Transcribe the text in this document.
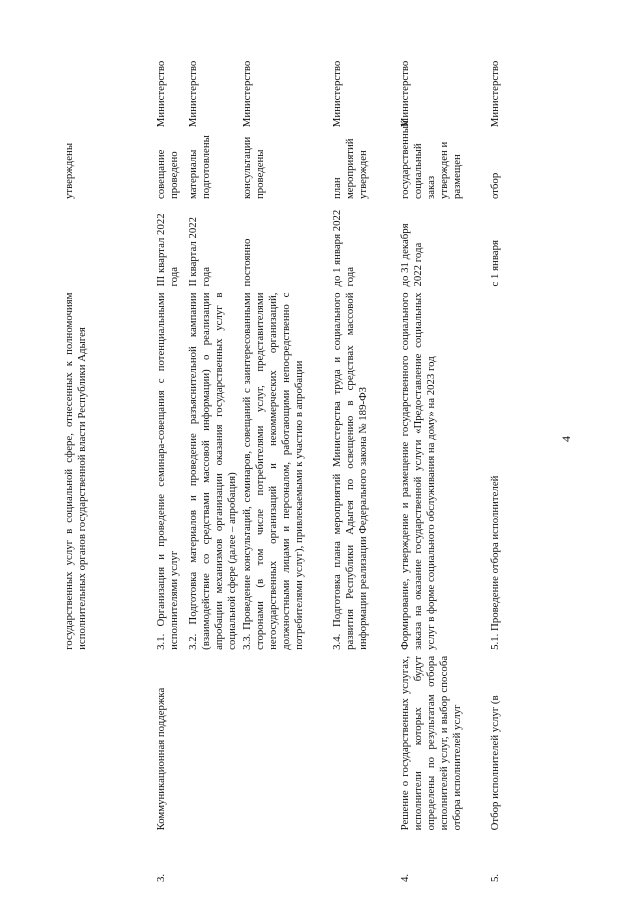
4
		государственных услуг в социальной сфере, отнесенных к полномочиям исполнительных органов государственной власти Республики Адыгея		утверждены	
3.	Коммуникационная поддержка	3.1. Организация и проведение семинара-совещания с потенциальными исполнителями услуг	III квартал 2022 года	совещание проведено	Министерство
		3.2. Подготовка материалов и проведение разъяснительной кампании (взаимодействие со средствами массовой информации) о реализации апробации механизмов организации оказания государственных услуг в социальной сфере (далее – апробация)	II квартал 2022 года	материалы подготовлены	Министерство
		3.3. Проведение консультаций, семинаров, совещаний с заинтересованными сторонами (в том числе потребителями услуг, представителями негосударственных организаций и некоммерческих организаций, должностными лицами и персоналом, работающими непосредственно с потребителями услуг), привлекаемыми к участию в апробации	постоянно	консультации проведены	Министерство
		3.4. Подготовка плана мероприятий Министерства труда и социального развития Республики Адыгея по освещению в средствах массовой информации реализации Федерального закона № 189-ФЗ	до 1 января 2022 года	план мероприятий утвержден	Министерство
4.	Решение о государственных услугах, исполнители которых будут определены по результатам отбора исполнителей услуг, и выбор способа отбора исполнителей услуг	Формирование, утверждение и размещение государственного социального заказа на оказание государственной услуги «Предоставление социальных услуг в форме социального обслуживания на дому» на 2023 год	до 31 декабря 2022 года	государственный социальный заказ утвержден и размещен	Министерство
5.	Отбор исполнителей услуг (в	5.1. Проведение отбора исполнителей	с 1 января	отбор	Министерство
